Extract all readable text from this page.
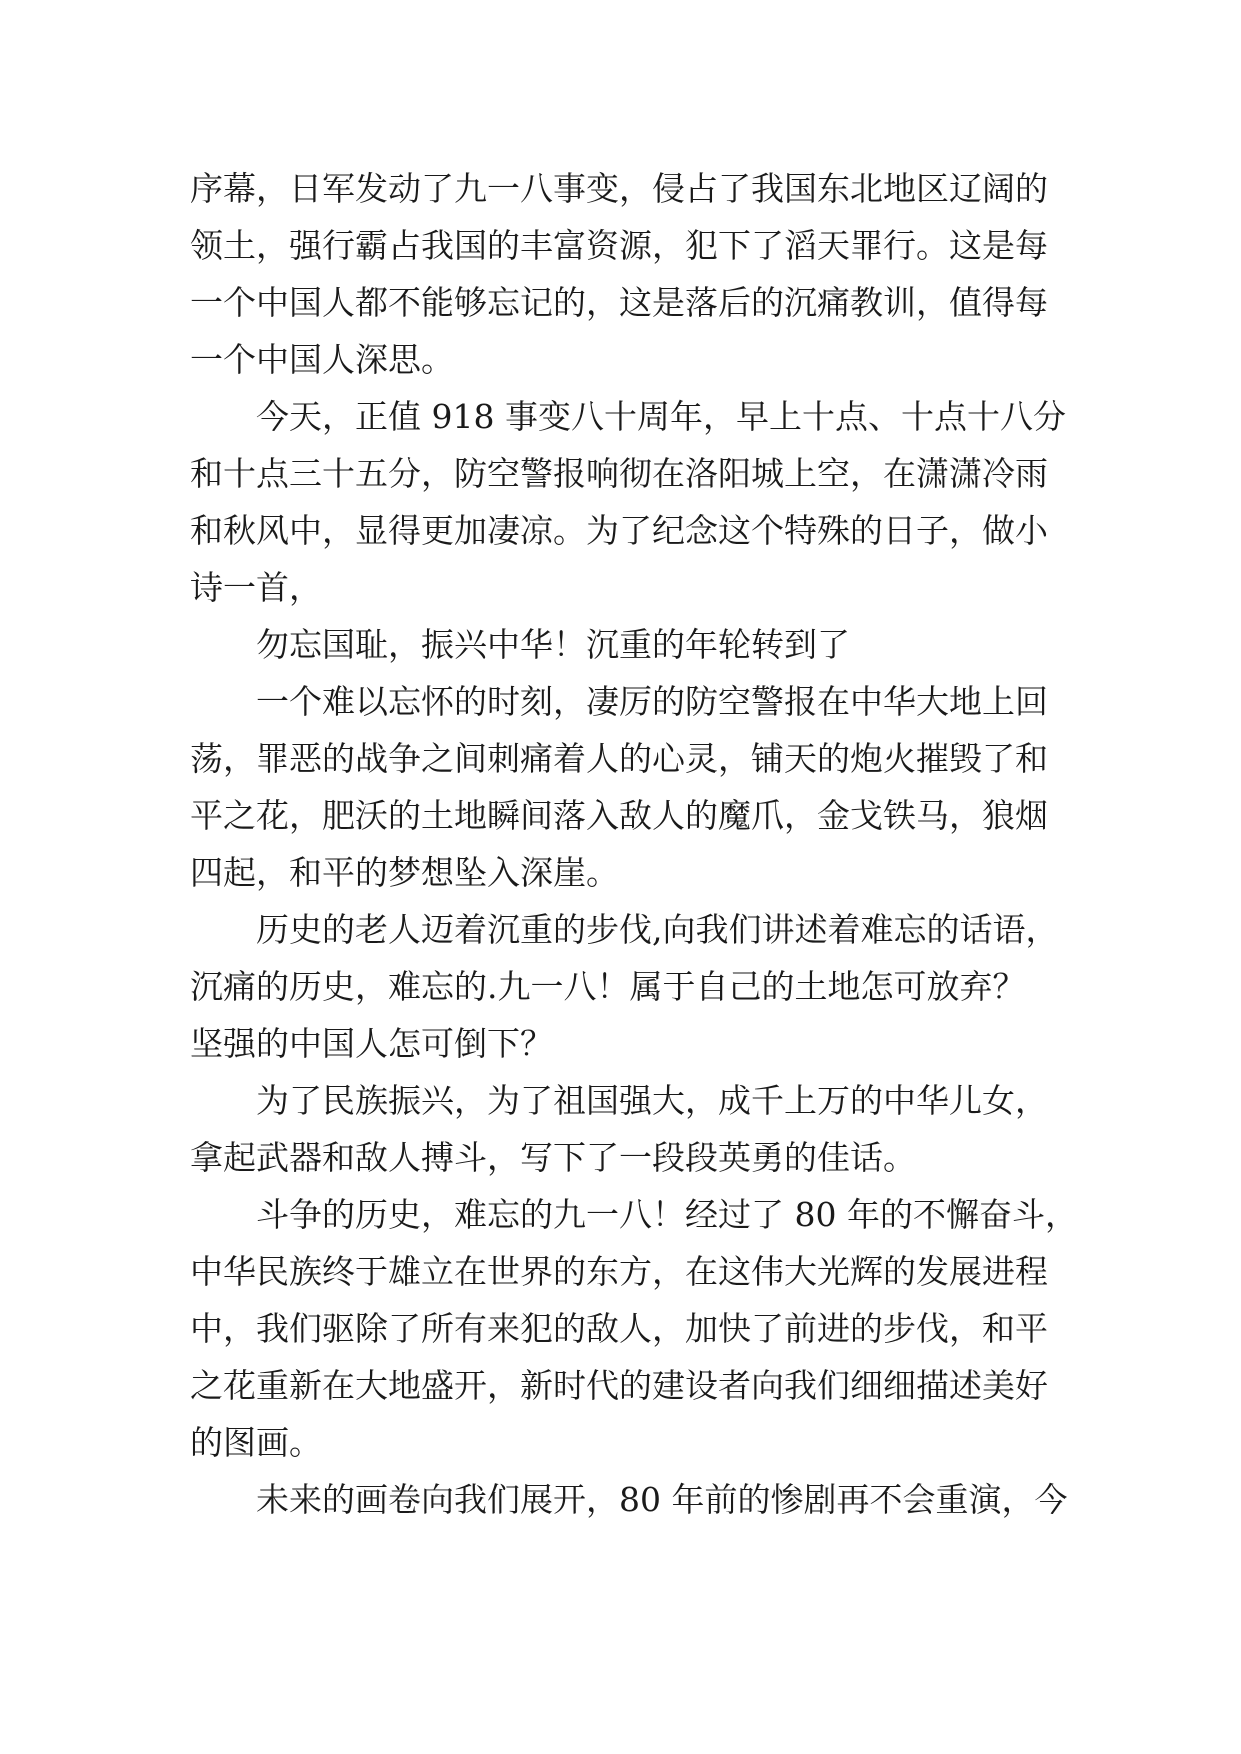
序幕，日军发动了九一八事变，侵占了我国东北地区辽阔的
领土，强行霸占我国的丰富资源，犯下了滔天罪行。这是每
一个中国人都不能够忘记的，这是落后的沉痛教训，值得每
一个中国人深思。
　　今天，正值 918 事变八十周年，早上十点、十点十八分
和十点三十五分，防空警报响彻在洛阳城上空，在潇潇冷雨
和秋风中，显得更加凄凉。为了纪念这个特殊的日子，做小
诗一首，
　　勿忘国耻，振兴中华！沉重的年轮转到了
　　一个难以忘怀的时刻，凄厉的防空警报在中华大地上回
荡，罪恶的战争之间刺痛着人的心灵，铺天的炮火摧毁了和
平之花，肥沃的土地瞬间落入敌人的魔爪，金戈铁马，狼烟
四起，和平的梦想坠入深崖。
　　历史的老人迈着沉重的步伐,向我们讲述着难忘的话语，
沉痛的历史，难忘的.九一八！属于自己的土地怎可放弃？
坚强的中国人怎可倒下？
　　为了民族振兴，为了祖国强大，成千上万的中华儿女，
拿起武器和敌人搏斗，写下了一段段英勇的佳话。
　　斗争的历史，难忘的九一八！经过了 80 年的不懈奋斗，
中华民族终于雄立在世界的东方，在这伟大光辉的发展进程
中，我们驱除了所有来犯的敌人，加快了前进的步伐，和平
之花重新在大地盛开，新时代的建设者向我们细细描述美好
的图画。
　　未来的画卷向我们展开，80 年前的惨剧再不会重演，今
